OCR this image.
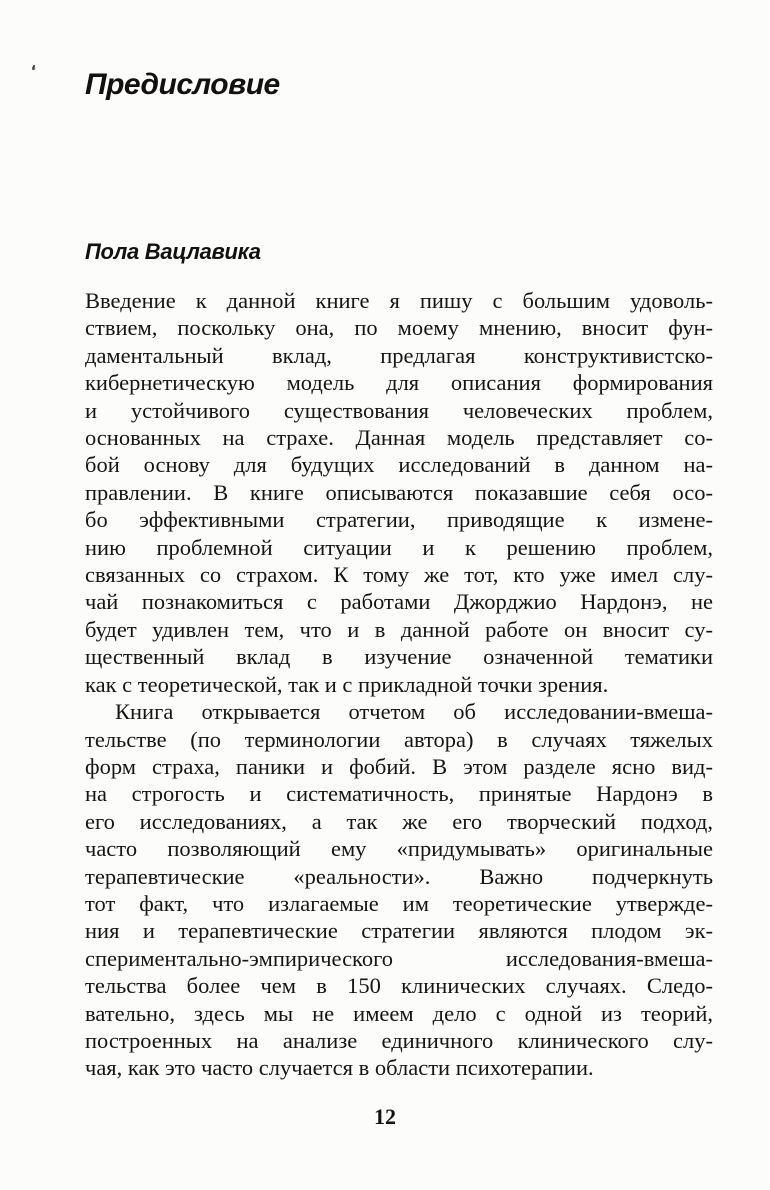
‘ Предисловие
Пола Вацлавика
Введение к данной книге я пишу с большим удоволь-
ствием, поскольку она, по моему мнению, вносит фун-
даментальный вклад, предлагая конструктивистско-
кибернетическую модель для описания формирования
и устойчивого существования человеческих проблем,
основанных на страхе. Данная модель представляет со-
бой основу для будущих исследований в данном на-
правлении. В книге описываются показавшие себя осо-
бо эффективными стратегии, приводящие к измене-
нию проблемной ситуации и к решению проблем,
связанных со страхом. К тому же тот, кто уже имел слу-
чай познакомиться с работами Джорджио Нардонэ, не
будет удивлен тем, что и в данной работе он вносит су-
щественный вклад в изучение означенной тематики
как с теоретической, так и с прикладной точки зрения.
Книга открывается отчетом об исследовании-вмеша-
тельстве (по терминологии автора) в случаях тяжелых
форм страха, паники и фобий. В этом разделе ясно вид-
на строгость и систематичность, принятые Нардонэ в
его исследованиях, а так же его творческий подход,
часто позволяющий ему «придумывать» оригинальные
терапевтические «реальности». Важно подчеркнуть
тот факт, что излагаемые им теоретические утвержде-
ния и терапевтические стратегии являются плодом эк-
спериментально-эмпирического исследования-вмеша-
тельства более чем в 150 клинических случаях. Следо-
вательно, здесь мы не имеем дело с одной из теорий,
построенных на анализе единичного клинического слу-
чая, как это часто случается в области психотерапии.
12
